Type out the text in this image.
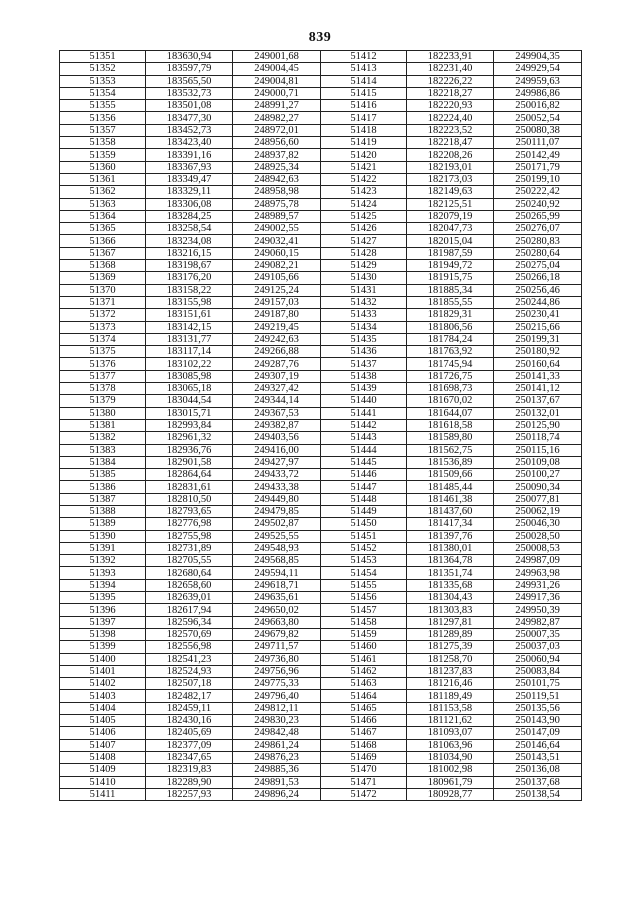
839
51351	183630,94	249001,68	51412	182233,91	249904,35
51352	183597,79	249004,45	51413	182231,40	249929,54
51353	183565,50	249004,81	51414	182226,22	249959,63
51354	183532,73	249000,71	51415	182218,27	249986,86
51355	183501,08	248991,27	51416	182220,93	250016,82
51356	183477,30	248982,27	51417	182224,40	250052,54
51357	183452,73	248972,01	51418	182223,52	250080,38
51358	183423,40	248956,60	51419	182218,47	250111,07
51359	183391,16	248937,82	51420	182208,26	250142,49
51360	183367,93	248925,34	51421	182193,01	250171,79
51361	183349,47	248942,63	51422	182173,03	250199,10
51362	183329,11	248958,98	51423	182149,63	250222,42
51363	183306,08	248975,78	51424	182125,51	250240,92
51364	183284,25	248989,57	51425	182079,19	250265,99
51365	183258,54	249002,55	51426	182047,73	250276,07
51366	183234,08	249032,41	51427	182015,04	250280,83
51367	183216,15	249060,15	51428	181987,59	250280,64
51368	183198,67	249082,21	51429	181949,72	250275,04
51369	183176,20	249105,66	51430	181915,75	250266,18
51370	183158,22	249125,24	51431	181885,34	250256,46
51371	183155,98	249157,03	51432	181855,55	250244,86
51372	183151,61	249187,80	51433	181829,31	250230,41
51373	183142,15	249219,45	51434	181806,56	250215,66
51374	183131,77	249242,63	51435	181784,24	250199,31
51375	183117,14	249266,88	51436	181763,92	250180,92
51376	183102,22	249287,76	51437	181745,94	250160,64
51377	183085,98	249307,19	51438	181726,75	250141,33
51378	183065,18	249327,42	51439	181698,73	250141,12
51379	183044,54	249344,14	51440	181670,02	250137,67
51380	183015,71	249367,53	51441	181644,07	250132,01
51381	182993,84	249382,87	51442	181618,58	250125,90
51382	182961,32	249403,56	51443	181589,80	250118,74
51383	182936,76	249416,00	51444	181562,75	250115,16
51384	182901,58	249427,97	51445	181536,89	250109,08
51385	182864,64	249433,72	51446	181509,66	250100,27
51386	182831,61	249433,38	51447	181485,44	250090,34
51387	182810,50	249449,80	51448	181461,38	250077,81
51388	182793,65	249479,85	51449	181437,60	250062,19
51389	182776,98	249502,87	51450	181417,34	250046,30
51390	182755,98	249525,55	51451	181397,76	250028,50
51391	182731,89	249548,93	51452	181380,01	250008,53
51392	182705,55	249568,85	51453	181364,78	249987,09
51393	182680,64	249594,11	51454	181351,74	249963,98
51394	182658,60	249618,71	51455	181335,68	249931,26
51395	182639,01	249635,61	51456	181304,43	249917,36
51396	182617,94	249650,02	51457	181303,83	249950,39
51397	182596,34	249663,80	51458	181297,81	249982,87
51398	182570,69	249679,82	51459	181289,89	250007,35
51399	182556,98	249711,57	51460	181275,39	250037,03
51400	182541,23	249736,80	51461	181258,70	250060,94
51401	182524,93	249756,96	51462	181237,83	250083,84
51402	182507,18	249775,33	51463	181216,46	250101,75
51403	182482,17	249796,40	51464	181189,49	250119,51
51404	182459,11	249812,11	51465	181153,58	250135,56
51405	182430,16	249830,23	51466	181121,62	250143,90
51406	182405,69	249842,48	51467	181093,07	250147,09
51407	182377,09	249861,24	51468	181063,96	250146,64
51408	182347,65	249876,23	51469	181034,90	250143,51
51409	182319,83	249885,36	51470	181002,98	250136,08
51410	182289,90	249891,53	51471	180961,79	250137,68
51411	182257,93	249896,24	51472	180928,77	250138,54
